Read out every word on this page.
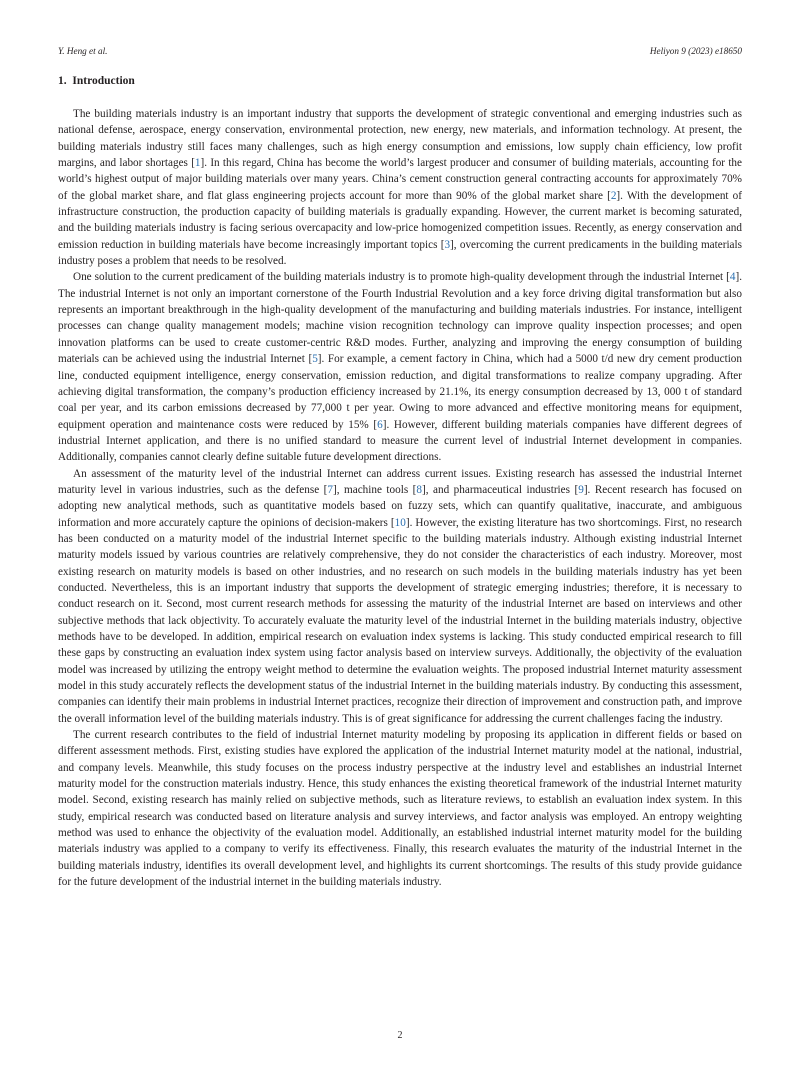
Y. Heng et al.	Heliyon 9 (2023) e18650
1. Introduction

The building materials industry is an important industry that supports the development of strategic conventional and emerging industries such as national defense, aerospace, energy conservation, environmental protection, new energy, new materials, and information technology. At present, the building materials industry still faces many challenges, such as high energy consumption and emissions, low supply chain efficiency, low profit margins, and labor shortages [1]. In this regard, China has become the world’s largest producer and consumer of building materials, accounting for the world’s highest output of major building materials over many years. China’s cement construction general contracting accounts for approximately 70% of the global market share, and flat glass engineering projects account for more than 90% of the global market share [2]. With the development of infrastructure construction, the production capacity of building materials is gradually expanding. However, the current market is becoming saturated, and the building materials industry is facing serious overcapacity and low-price homogenized competition issues. Recently, as energy conservation and emission reduction in building materials have become increasingly important topics [3], overcoming the current predicaments in the building materials industry poses a problem that needs to be resolved.

One solution to the current predicament of the building materials industry is to promote high-quality development through the industrial Internet [4]. The industrial Internet is not only an important cornerstone of the Fourth Industrial Revolution and a key force driving digital transformation but also represents an important breakthrough in the high-quality development of the manufacturing and building materials industries. For instance, intelligent processes can change quality management models; machine vision recognition technology can improve quality inspection processes; and open innovation platforms can be used to create customer-centric R&D modes. Further, analyzing and improving the energy consumption of building materials can be achieved using the industrial Internet [5]. For example, a cement factory in China, which had a 5000 t/d new dry cement production line, conducted equipment intelligence, energy conservation, emission reduction, and digital transformations to realize company upgrading. After achieving digital transformation, the company’s production efficiency increased by 21.1%, its energy consumption decreased by 13, 000 t of standard coal per year, and its carbon emissions decreased by 77,000 t per year. Owing to more advanced and effective monitoring means for equipment, equipment operation and maintenance costs were reduced by 15% [6]. However, different building materials companies have different degrees of industrial Internet application, and there is no unified standard to measure the current level of industrial Internet development in companies. Additionally, companies cannot clearly define suitable future development directions.

An assessment of the maturity level of the industrial Internet can address current issues. Existing research has assessed the industrial Internet maturity level in various industries, such as the defense [7], machine tools [8], and pharmaceutical industries [9]. Recent research has focused on adopting new analytical methods, such as quantitative models based on fuzzy sets, which can quantify qualitative, inaccurate, and ambiguous information and more accurately capture the opinions of decision-makers [10]. However, the existing literature has two shortcomings. First, no research has been conducted on a maturity model of the industrial Internet specific to the building materials industry. Although existing industrial Internet maturity models issued by various countries are relatively comprehensive, they do not consider the characteristics of each industry. Moreover, most existing research on maturity models is based on other industries, and no research on such models in the building materials industry has yet been conducted. Nevertheless, this is an important industry that supports the development of strategic emerging industries; therefore, it is necessary to conduct research on it. Second, most current research methods for assessing the maturity of the industrial Internet are based on interviews and other subjective methods that lack objectivity. To accurately evaluate the maturity level of the industrial Internet in the building materials industry, objective methods have to be developed. In addition, empirical research on evaluation index systems is lacking. This study conducted empirical research to fill these gaps by constructing an evaluation index system using factor analysis based on interview surveys. Additionally, the objectivity of the evaluation model was increased by utilizing the entropy weight method to determine the evaluation weights. The proposed industrial Internet maturity assessment model in this study accurately reflects the development status of the industrial Internet in the building materials industry. By conducting this assessment, companies can identify their main problems in industrial Internet practices, recognize their direction of improvement and construction path, and improve the overall information level of the building materials industry. This is of great significance for addressing the current challenges facing the industry.

The current research contributes to the field of industrial Internet maturity modeling by proposing its application in different fields or based on different assessment methods. First, existing studies have explored the application of the industrial Internet maturity model at the national, industrial, and company levels. Meanwhile, this study focuses on the process industry perspective at the industry level and establishes an industrial Internet maturity model for the construction materials industry. Hence, this study enhances the existing theoretical framework of the industrial Internet maturity model. Second, existing research has mainly relied on subjective methods, such as literature reviews, to establish an evaluation index system. In this study, empirical research was conducted based on literature analysis and survey interviews, and factor analysis was employed. An entropy weighting method was used to enhance the objectivity of the evaluation model. Additionally, an established industrial internet maturity model for the building materials industry was applied to a company to verify its effectiveness. Finally, this research evaluates the maturity of the industrial Internet in the building materials industry, identifies its overall development level, and highlights its current shortcomings. The results of this study provide guidance for the future development of the industrial internet in the building materials industry.

2
